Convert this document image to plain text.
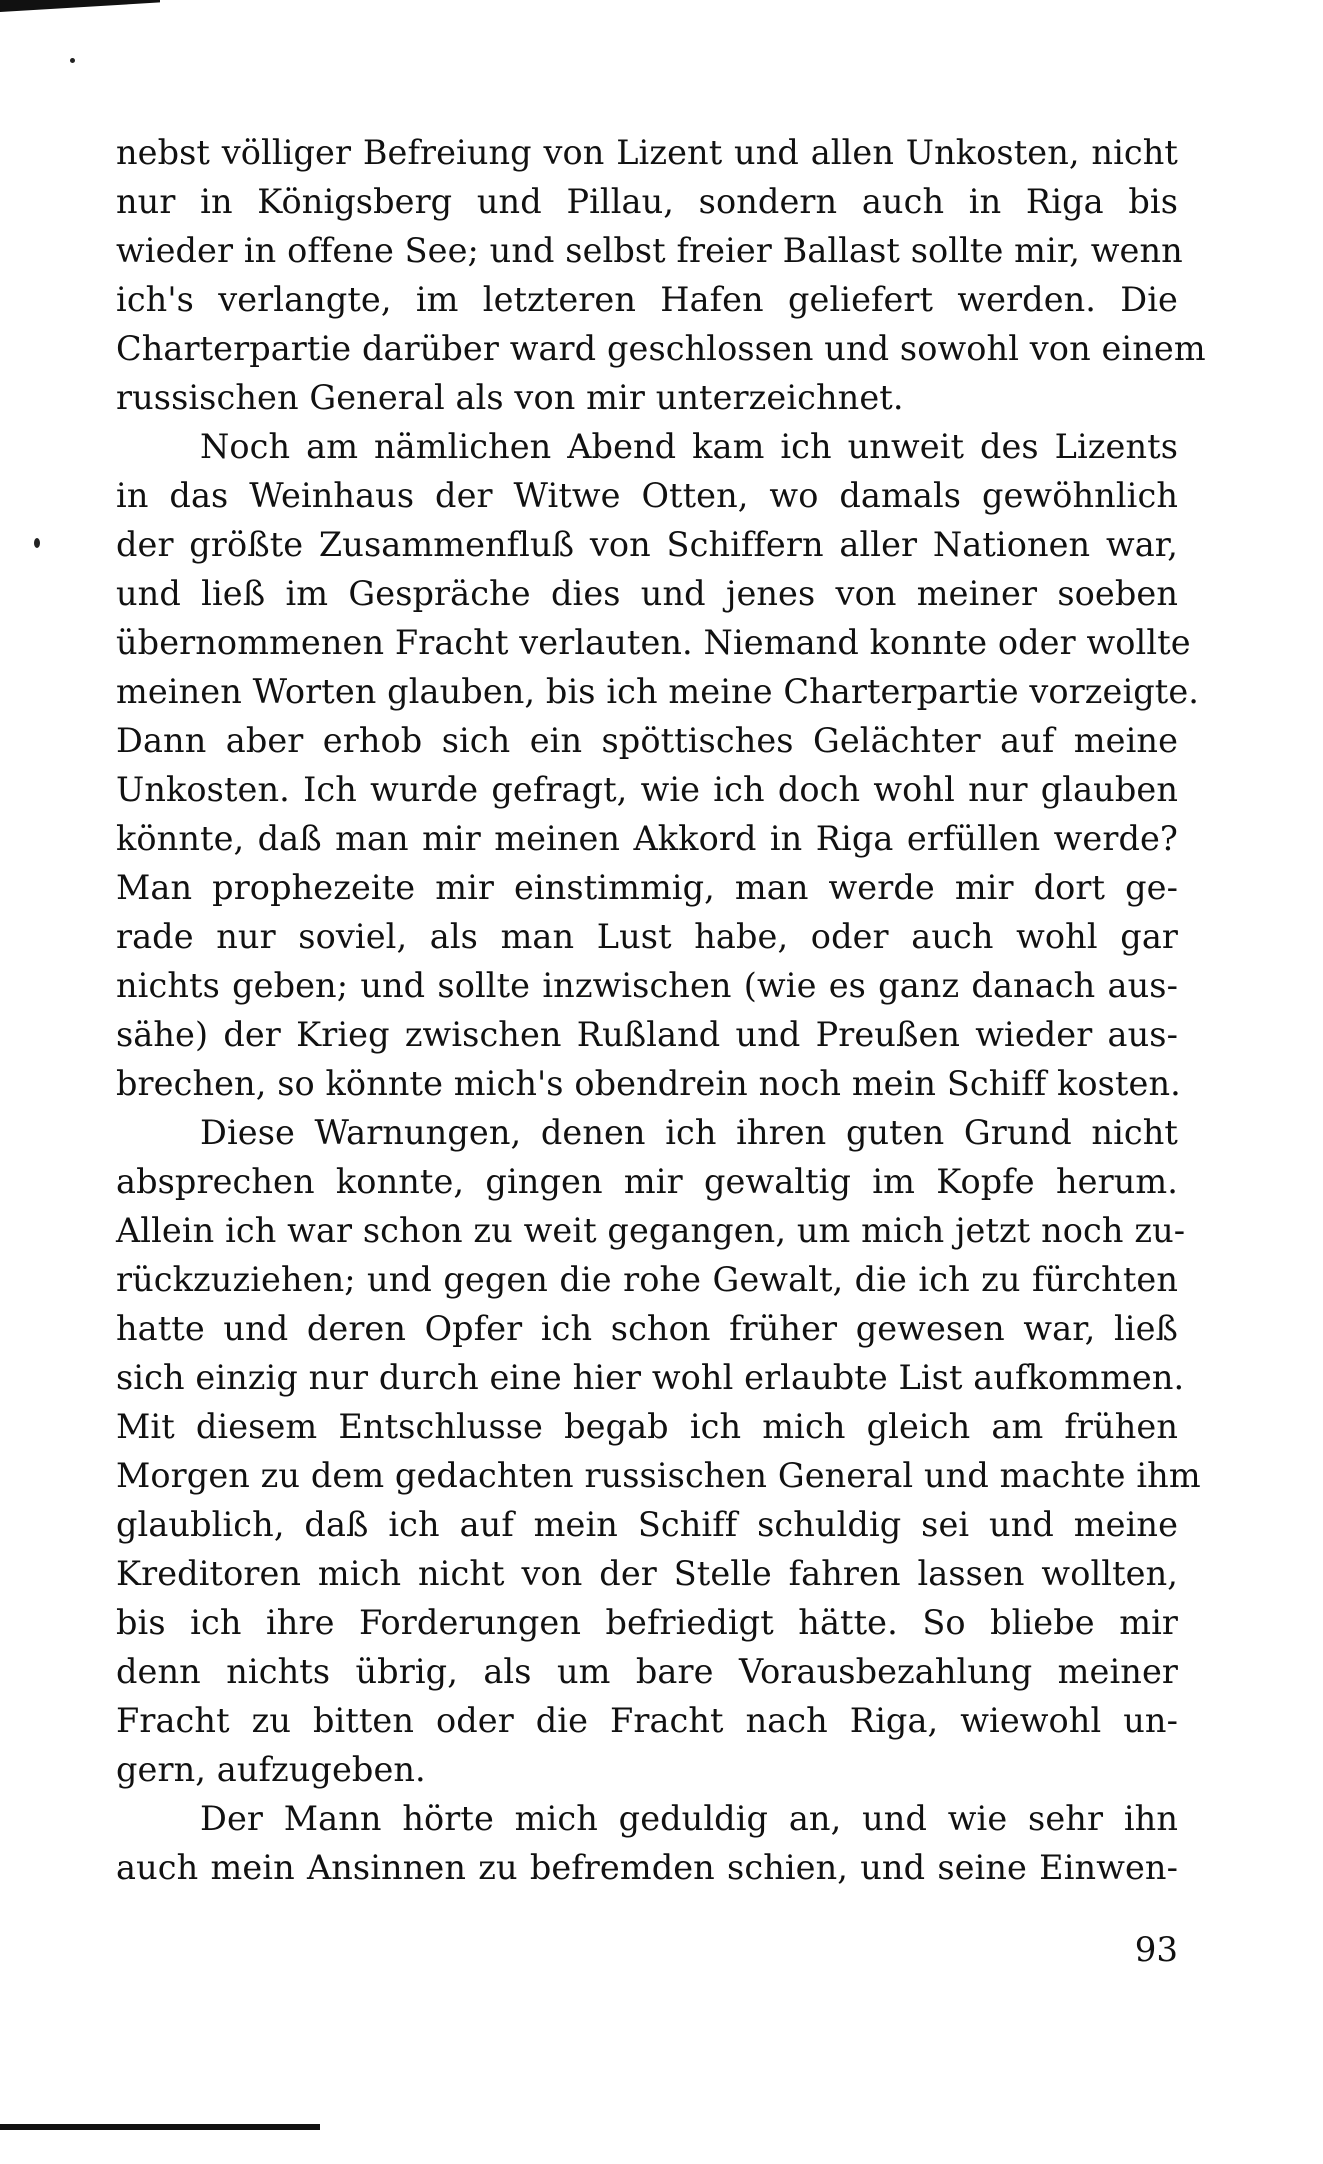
nebst völliger Befreiung von Lizent und allen Unkosten, nicht
nur in Königsberg und Pillau, sondern auch in Riga bis
wieder in offene See; und selbst freier Ballast sollte mir, wenn
ich's verlangte, im letzteren Hafen geliefert werden. Die
Charterpartie darüber ward geschlossen und sowohl von einem
russischen General als von mir unterzeichnet.
Noch am nämlichen Abend kam ich unweit des Lizents
in das Weinhaus der Witwe Otten, wo damals gewöhnlich
der größte Zusammenfluß von Schiffern aller Nationen war,
und ließ im Gespräche dies und jenes von meiner soeben
übernommenen Fracht verlauten. Niemand konnte oder wollte
meinen Worten glauben, bis ich meine Charterpartie vorzeigte.
Dann aber erhob sich ein spöttisches Gelächter auf meine
Unkosten. Ich wurde gefragt, wie ich doch wohl nur glauben
könnte, daß man mir meinen Akkord in Riga erfüllen werde?
Man prophezeite mir einstimmig, man werde mir dort ge-
rade nur soviel, als man Lust habe, oder auch wohl gar
nichts geben; und sollte inzwischen (wie es ganz danach aus-
sähe) der Krieg zwischen Rußland und Preußen wieder aus-
brechen, so könnte mich's obendrein noch mein Schiff kosten.
Diese Warnungen, denen ich ihren guten Grund nicht
absprechen konnte, gingen mir gewaltig im Kopfe herum.
Allein ich war schon zu weit gegangen, um mich jetzt noch zu-
rückzuziehen; und gegen die rohe Gewalt, die ich zu fürchten
hatte und deren Opfer ich schon früher gewesen war, ließ
sich einzig nur durch eine hier wohl erlaubte List aufkommen.
Mit diesem Entschlusse begab ich mich gleich am frühen
Morgen zu dem gedachten russischen General und machte ihm
glaublich, daß ich auf mein Schiff schuldig sei und meine
Kreditoren mich nicht von der Stelle fahren lassen wollten,
bis ich ihre Forderungen befriedigt hätte. So bliebe mir
denn nichts übrig, als um bare Vorausbezahlung meiner
Fracht zu bitten oder die Fracht nach Riga, wiewohl un-
gern, aufzugeben.
Der Mann hörte mich geduldig an, und wie sehr ihn
auch mein Ansinnen zu befremden schien, und seine Einwen-
93
